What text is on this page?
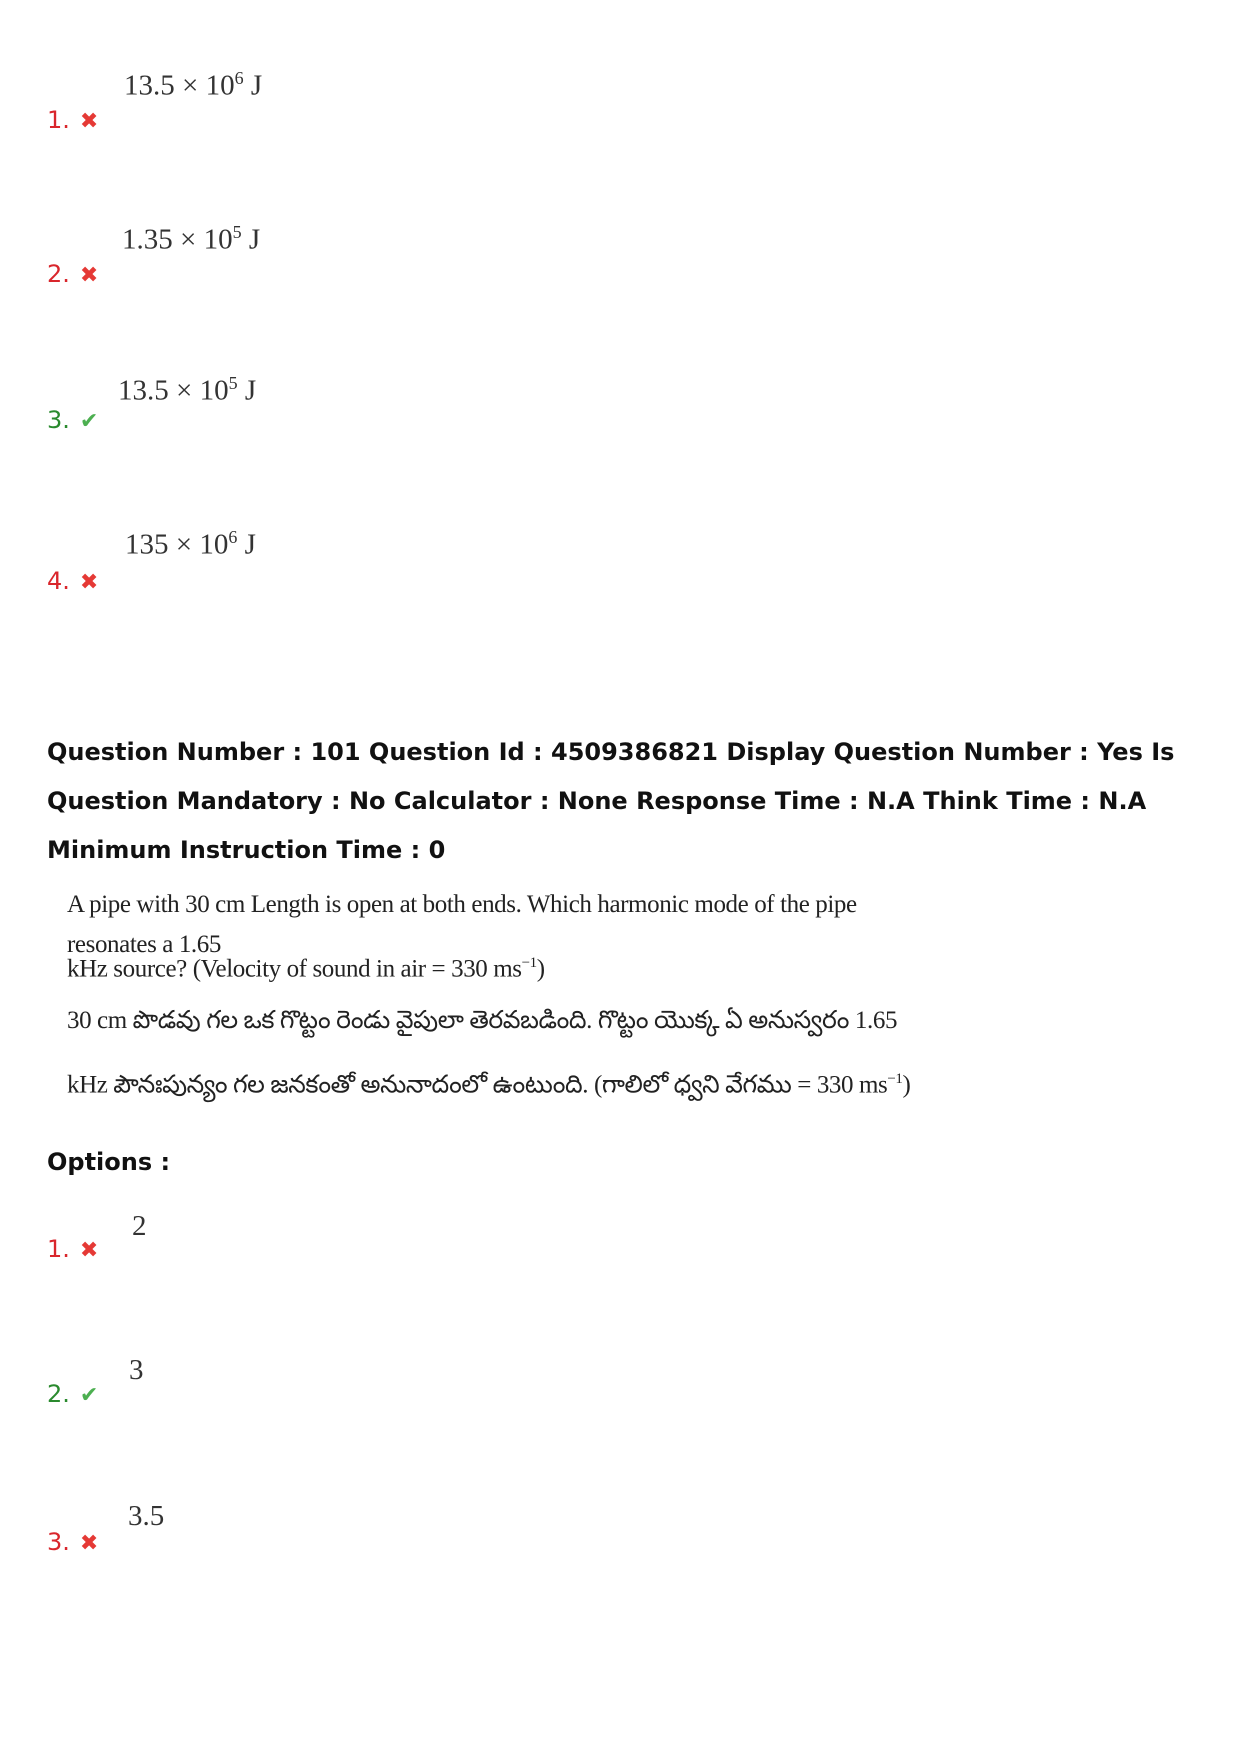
1. ✖
$13.5 \times 10^6$ J
2. ✖
$1.35 \times 10^5$ J
3. ✔
$13.5 \times 10^5$ J
4. ✖
$135 \times 10^6$ J
Question Number : 101 Question Id : 4509386821 Display Question Number : Yes Is Question Mandatory : No Calculator : None Response Time : N.A Think Time : N.A Minimum Instruction Time : 0
A pipe with 30 cm Length is open at both ends. Which harmonic mode of the pipe resonates a 1.65
kHz source? (Velocity of sound in air = 330 $ms^{-1}$)
30 cm పొడవు గల ఒక గొట్టం రెండు వైపులా తెరవబడింది. గొట్టం యొక్క ఏ అనుస్వరం 1.65
kHz పౌనఃపున్యం గల జనకంతో అనునాదంలో ఉంటుంది. (గాలిలో ధ్వని వేగము = 330 $ms^{-1}$)
Options :
1. ✖
2
2. ✔
3
3. ✖
3.5
